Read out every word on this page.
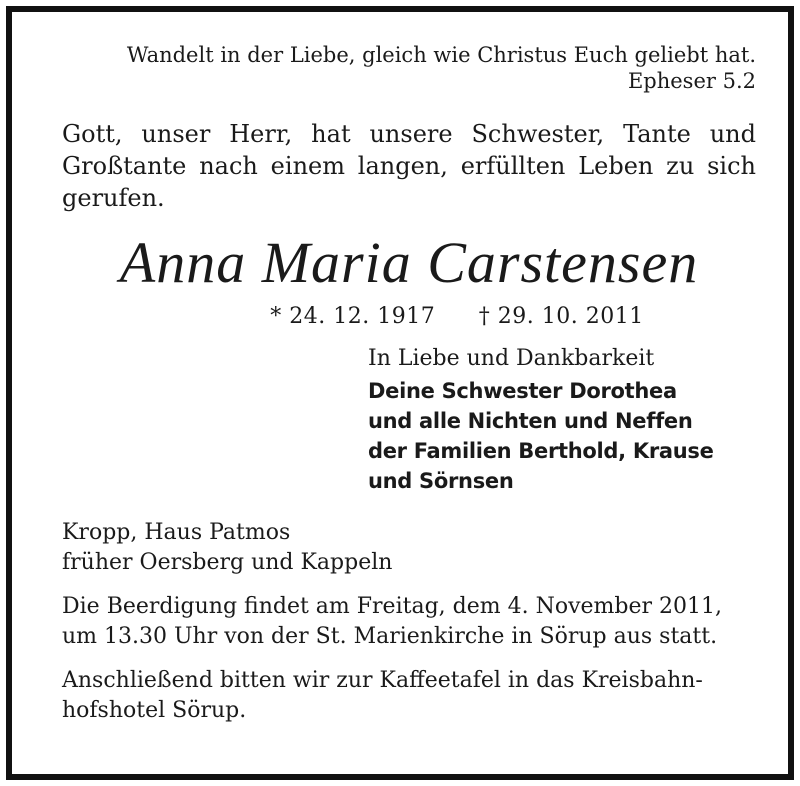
Wandelt in der Liebe, gleich wie Christus Euch geliebt hat.
Epheser 5.2
Gott, unser Herr, hat unsere Schwester, Tante und Großtante nach einem langen, erfüllten Leben zu sich gerufen.
Anna Maria Carstensen
* 24. 12. 1917 † 29. 10. 2011
In Liebe und Dankbarkeit
Deine Schwester Dorothea
und alle Nichten und Neffen
der Familien Berthold, Krause
und Sörnsen
Kropp, Haus Patmos
früher Oersberg und Kappeln
Die Beerdigung findet am Freitag, dem 4. November 2011,
um 13.30 Uhr von der St. Marienkirche in Sörup aus statt.
Anschließend bitten wir zur Kaffeetafel in das Kreisbahn-
hofshotel Sörup.
